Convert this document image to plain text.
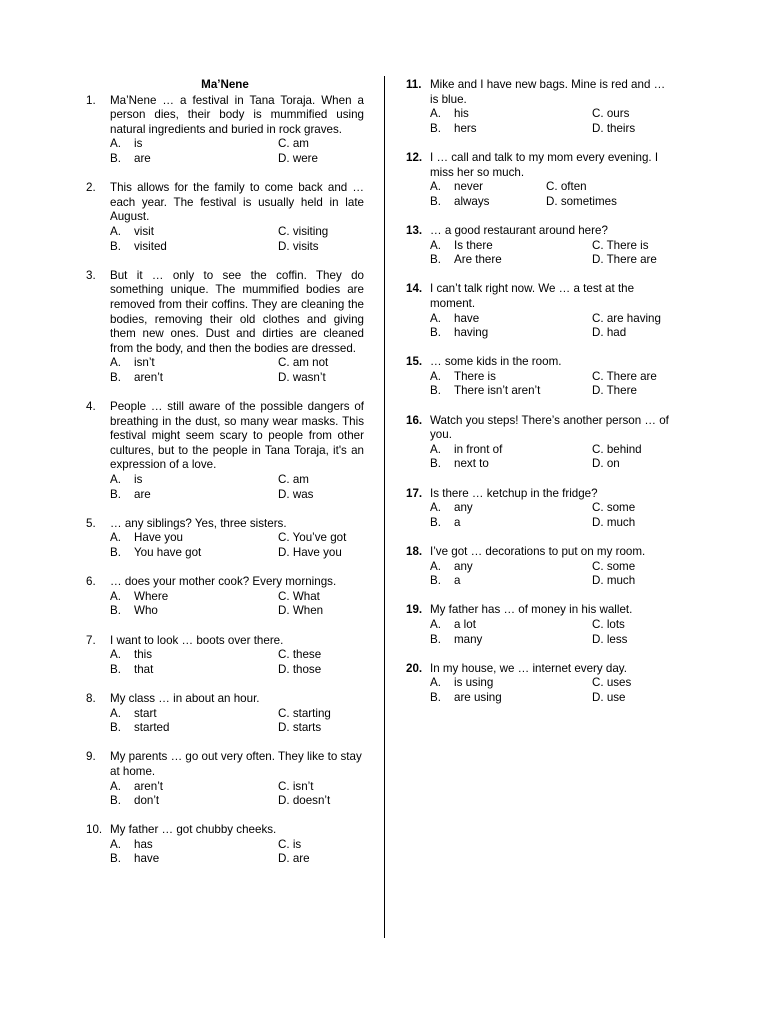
Ma’Nene
1.	Ma’Nene … a festival in Tana Toraja. When a person dies, their body is mummified using natural ingredients and buried in rock graves.

A.	is	C. am
B.	are	D. were
2.	This allows for the family to come back and … each year. The festival is usually held in late August.

A.	visit	C. visiting
B.	visited	D. visits
3.	But it … only to see the coffin. They do something unique. The mummified bodies are removed from their coffins. They are cleaning the bodies, removing their old clothes and giving them new ones. Dust and dirties are cleaned from the body, and then the bodies are dressed.

A.	isn’t	C. am not
B.	aren’t	D. wasn’t
4.	People … still aware of the possible dangers of breathing in the dust, so many wear masks. This festival might seem scary to people from other cultures, but to the people in Tana Toraja, it's an expression of a love.

A.	is	C. am
B.	are	D. was
5.	… any siblings? Yes, three sisters.

A.	Have you	C. You’ve got
B.	You have got	D. Have you
6.	… does your mother cook? Every mornings.

A.	Where	C. What
B.	Who	D. When
7.	I want to look … boots over there.

A.	this	C. these
B.	that	D. those
8.	My class … in about an hour.

A.	start	C. starting
B.	started	D. starts
9.	My parents … go out very often. They like to stay at home.

A.	aren’t	C. isn’t
B.	don’t	D. doesn’t
10. My father … got chubby cheeks.

A.	has	C. is
B.	have	D. are
11. Mike and I have new bags. Mine is red and … is blue.

A.	his	C. ours
B.	hers	D. theirs
12. I … call and talk to my mom every evening. I miss her so much.

A.	never	C. often
B.	always	D. sometimes
13. … a good restaurant around here?

A.	Is there	C. There is
B.	Are there	D. There are
14. I can’t talk right now. We … a test at the moment.

A.	have	C. are having
B.	having	D. had
15. … some kids in the room.

A.	There is	C. There are
B.	There isn’t aren’t	D. There
16. Watch you steps! There’s another person … of you.

A.	in front of	C. behind
B.	next to	D. on
17. Is there … ketchup in the fridge?

A.	any	C. some
B.	a	D. much
18. I’ve got … decorations to put on my room.

A.	any	C. some
B.	a	D. much
19. My father has … of money in his wallet.

A.	a lot	C. lots
B.	many	D. less
20. In my house, we … internet every day.

A.	is using	C. uses
B.	are using	D. use
